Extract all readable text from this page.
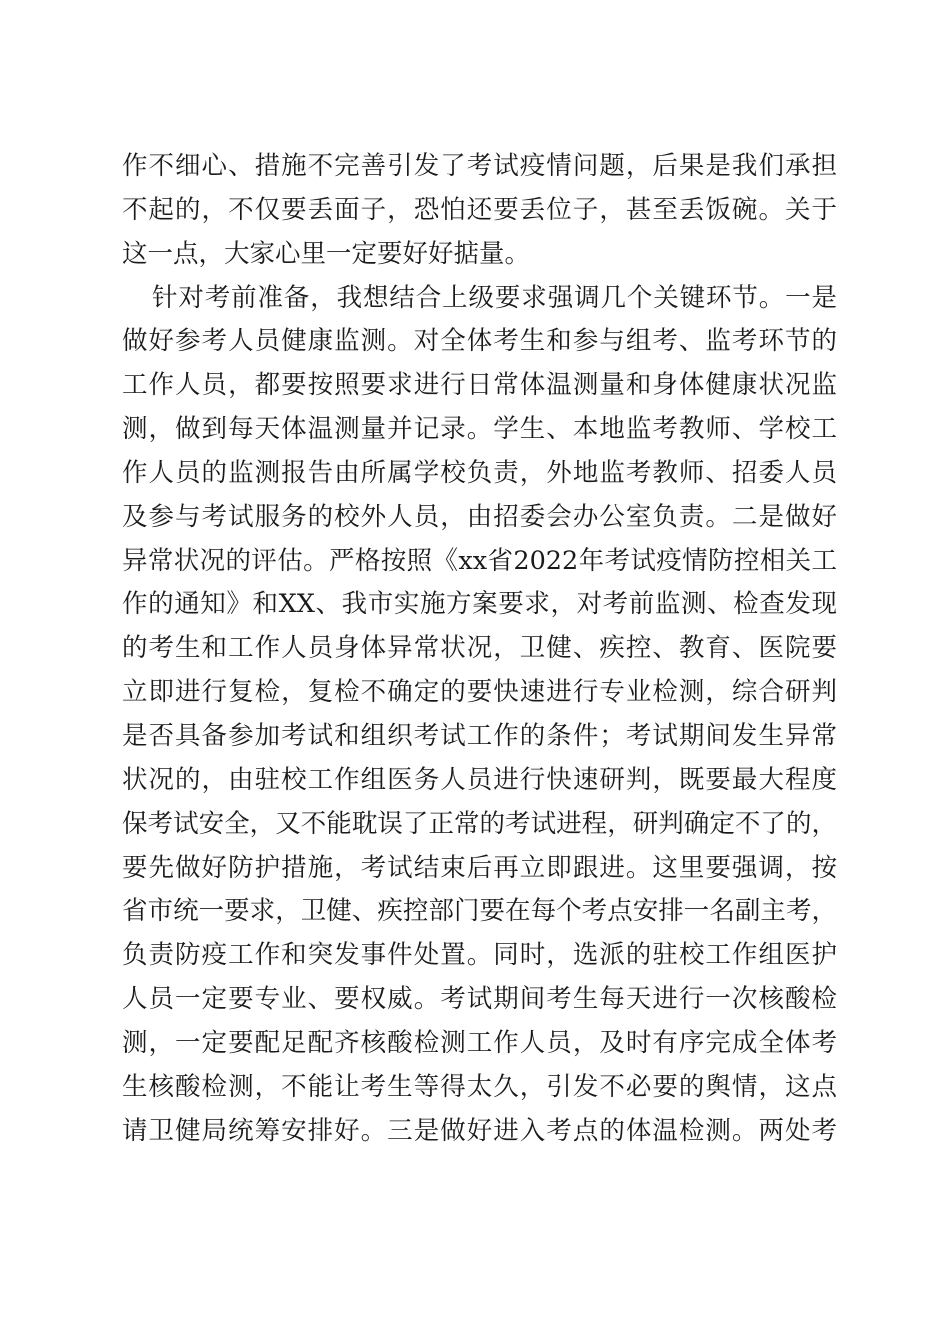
作不细心、措施不完善引发了考试疫情问题，后果是我们承担
不起的，不仅要丢面子，恐怕还要丢位子，甚至丢饭碗。关于
这一点，大家心里一定要好好掂量。
针对考前准备，我想结合上级要求强调几个关键环节。一是
做好参考人员健康监测。对全体考生和参与组考、监考环节的
工作人员，都要按照要求进行日常体温测量和身体健康状况监
测，做到每天体温测量并记录。学生、本地监考教师、学校工
作人员的监测报告由所属学校负责，外地监考教师、招委人员
及参与考试服务的校外人员，由招委会办公室负责。二是做好
异常状况的评估。严格按照《xx省2022年考试疫情防控相关工
作的通知》和XX、我市实施方案要求，对考前监测、检查发现
的考生和工作人员身体异常状况，卫健、疾控、教育、医院要
立即进行复检，复检不确定的要快速进行专业检测，综合研判
是否具备参加考试和组织考试工作的条件；考试期间发生异常
状况的，由驻校工作组医务人员进行快速研判，既要最大程度
保考试安全，又不能耽误了正常的考试进程，研判确定不了的，
要先做好防护措施，考试结束后再立即跟进。这里要强调，按
省市统一要求，卫健、疾控部门要在每个考点安排一名副主考，
负责防疫工作和突发事件处置。同时，选派的驻校工作组医护
人员一定要专业、要权威。考试期间考生每天进行一次核酸检
测，一定要配足配齐核酸检测工作人员，及时有序完成全体考
生核酸检测，不能让考生等得太久，引发不必要的舆情，这点
请卫健局统筹安排好。三是做好进入考点的体温检测。两处考
